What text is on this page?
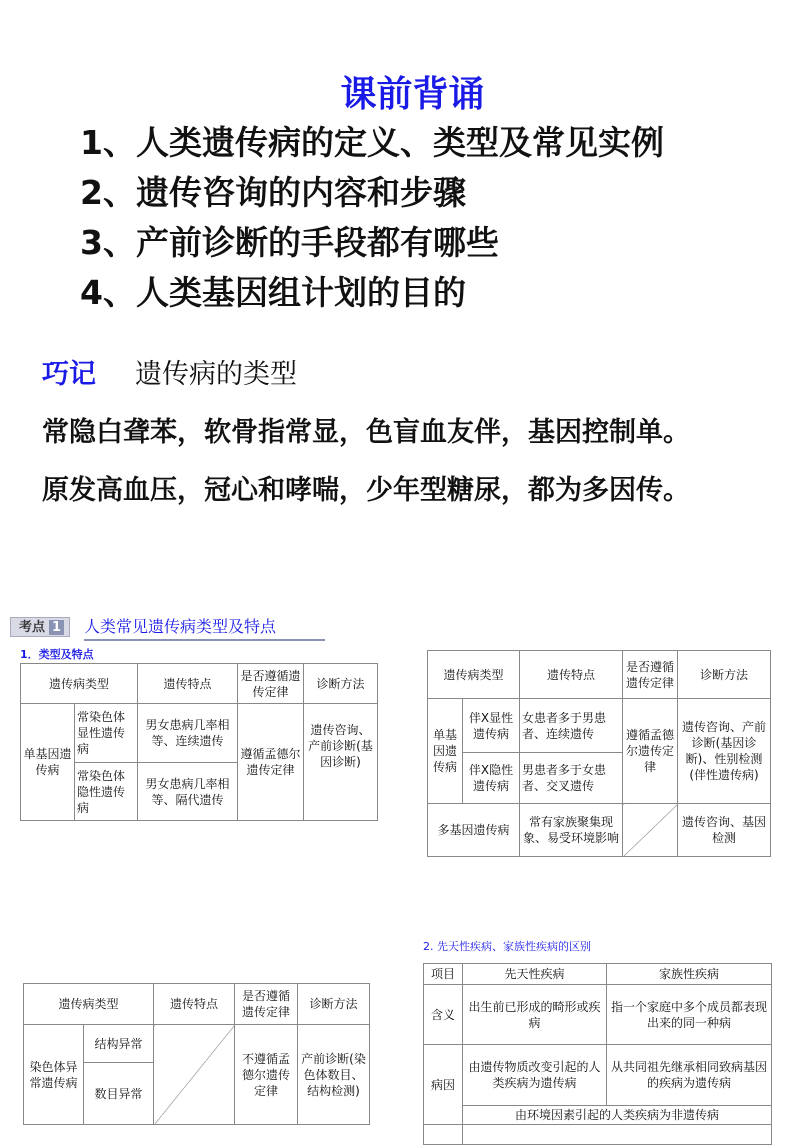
课前背诵
1、人类遗传病的定义、类型及常见实例
2、遗传咨询的内容和步骤
3、产前诊断的手段都有哪些
4、人类基因组计划的目的
巧记 遗传病的类型
常隐白聋苯，软骨指常显，色盲血友伴，基因控制单。
原发高血压，冠心和哮喘，少年型糖尿，都为多因传。
考点 1	人类常见遗传病类型及特点
1．类型及特点
遗传病类型		遗传特点	是否遵循遗传定律	诊断方法
单基因遗传病	常染色体显性遗传病	男女患病几率相等、连续遗传	遵循孟德尔遗传定律	遗传咨询、产前诊断(基因诊断)
	常染色体隐性遗传病	男女患病几率相等、隔代遗传		
遗传病类型		遗传特点	是否遵循遗传定律	诊断方法
单基因遗传病	伴X显性遗传病	女患者多于男患者、连续遗传	遵循孟德尔遗传定律	遗传咨询、产前诊断(基因诊断)、性别检测(伴性遗传病)
	伴X隐性遗传病	男患者多于女患者、交叉遗传		
多基因遗传病		常有家族聚集现象、易受环境影响		遗传咨询、基因检测
遗传病类型		遗传特点	是否遵循遗传定律	诊断方法
染色体异常遗传病	结构异常		不遵循孟德尔遗传定律	产前诊断(染色体数目、结构检测)
	数目异常			
2. 先天性疾病、家族性疾病的区别
项目	先天性疾病	家族性疾病
含义	出生前已形成的畸形或疾病	指一个家庭中多个成员都表现出来的同一种病
病因	由遗传物质改变引起的人类疾病为遗传病	从共同祖先继承相同致病基因的疾病为遗传病
	由环境因素引起的人类疾病为非遗传病	
